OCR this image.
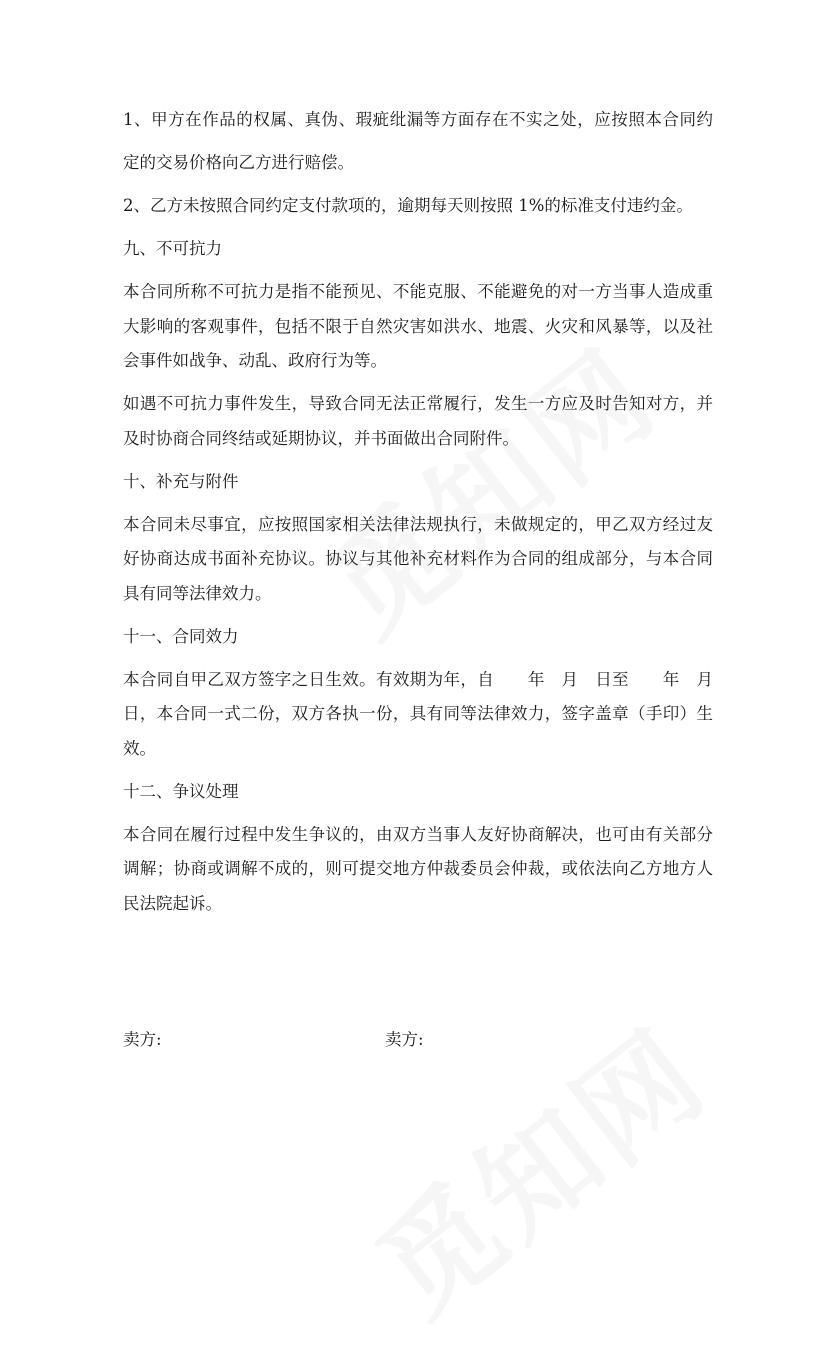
1、甲方在作品的权属、真伪、瑕疵纰漏等方面存在不实之处，应按照本合同约
定的交易价格向乙方进行赔偿。
2、乙方未按照合同约定支付款项的，逾期每天则按照 1%的标准支付违约金。
九、不可抗力
本合同所称不可抗力是指不能预见、不能克服、不能避免的对一方当事人造成重
大影响的客观事件，包括不限于自然灾害如洪水、地震、火灾和风暴等，以及社
会事件如战争、动乱、政府行为等。
如遇不可抗力事件发生，导致合同无法正常履行，发生一方应及时告知对方，并
及时协商合同终结或延期协议，并书面做出合同附件。
十、补充与附件
本合同未尽事宜，应按照国家相关法律法规执行，未做规定的，甲乙双方经过友
好协商达成书面补充协议。协议与其他补充材料作为合同的组成部分，与本合同
具有同等法律效力。
十一、合同效力
本合同自甲乙双方签字之日生效。有效期为年，自　　年　月　日至　　年　月
日，本合同一式二份，双方各执一份，具有同等法律效力，签字盖章（手印）生
效。
十二、争议处理
本合同在履行过程中发生争议的，由双方当事人友好协商解决，也可由有关部分
调解；协商或调解不成的，则可提交地方仲裁委员会仲裁，或依法向乙方地方人
民法院起诉。
卖方:	卖方:
